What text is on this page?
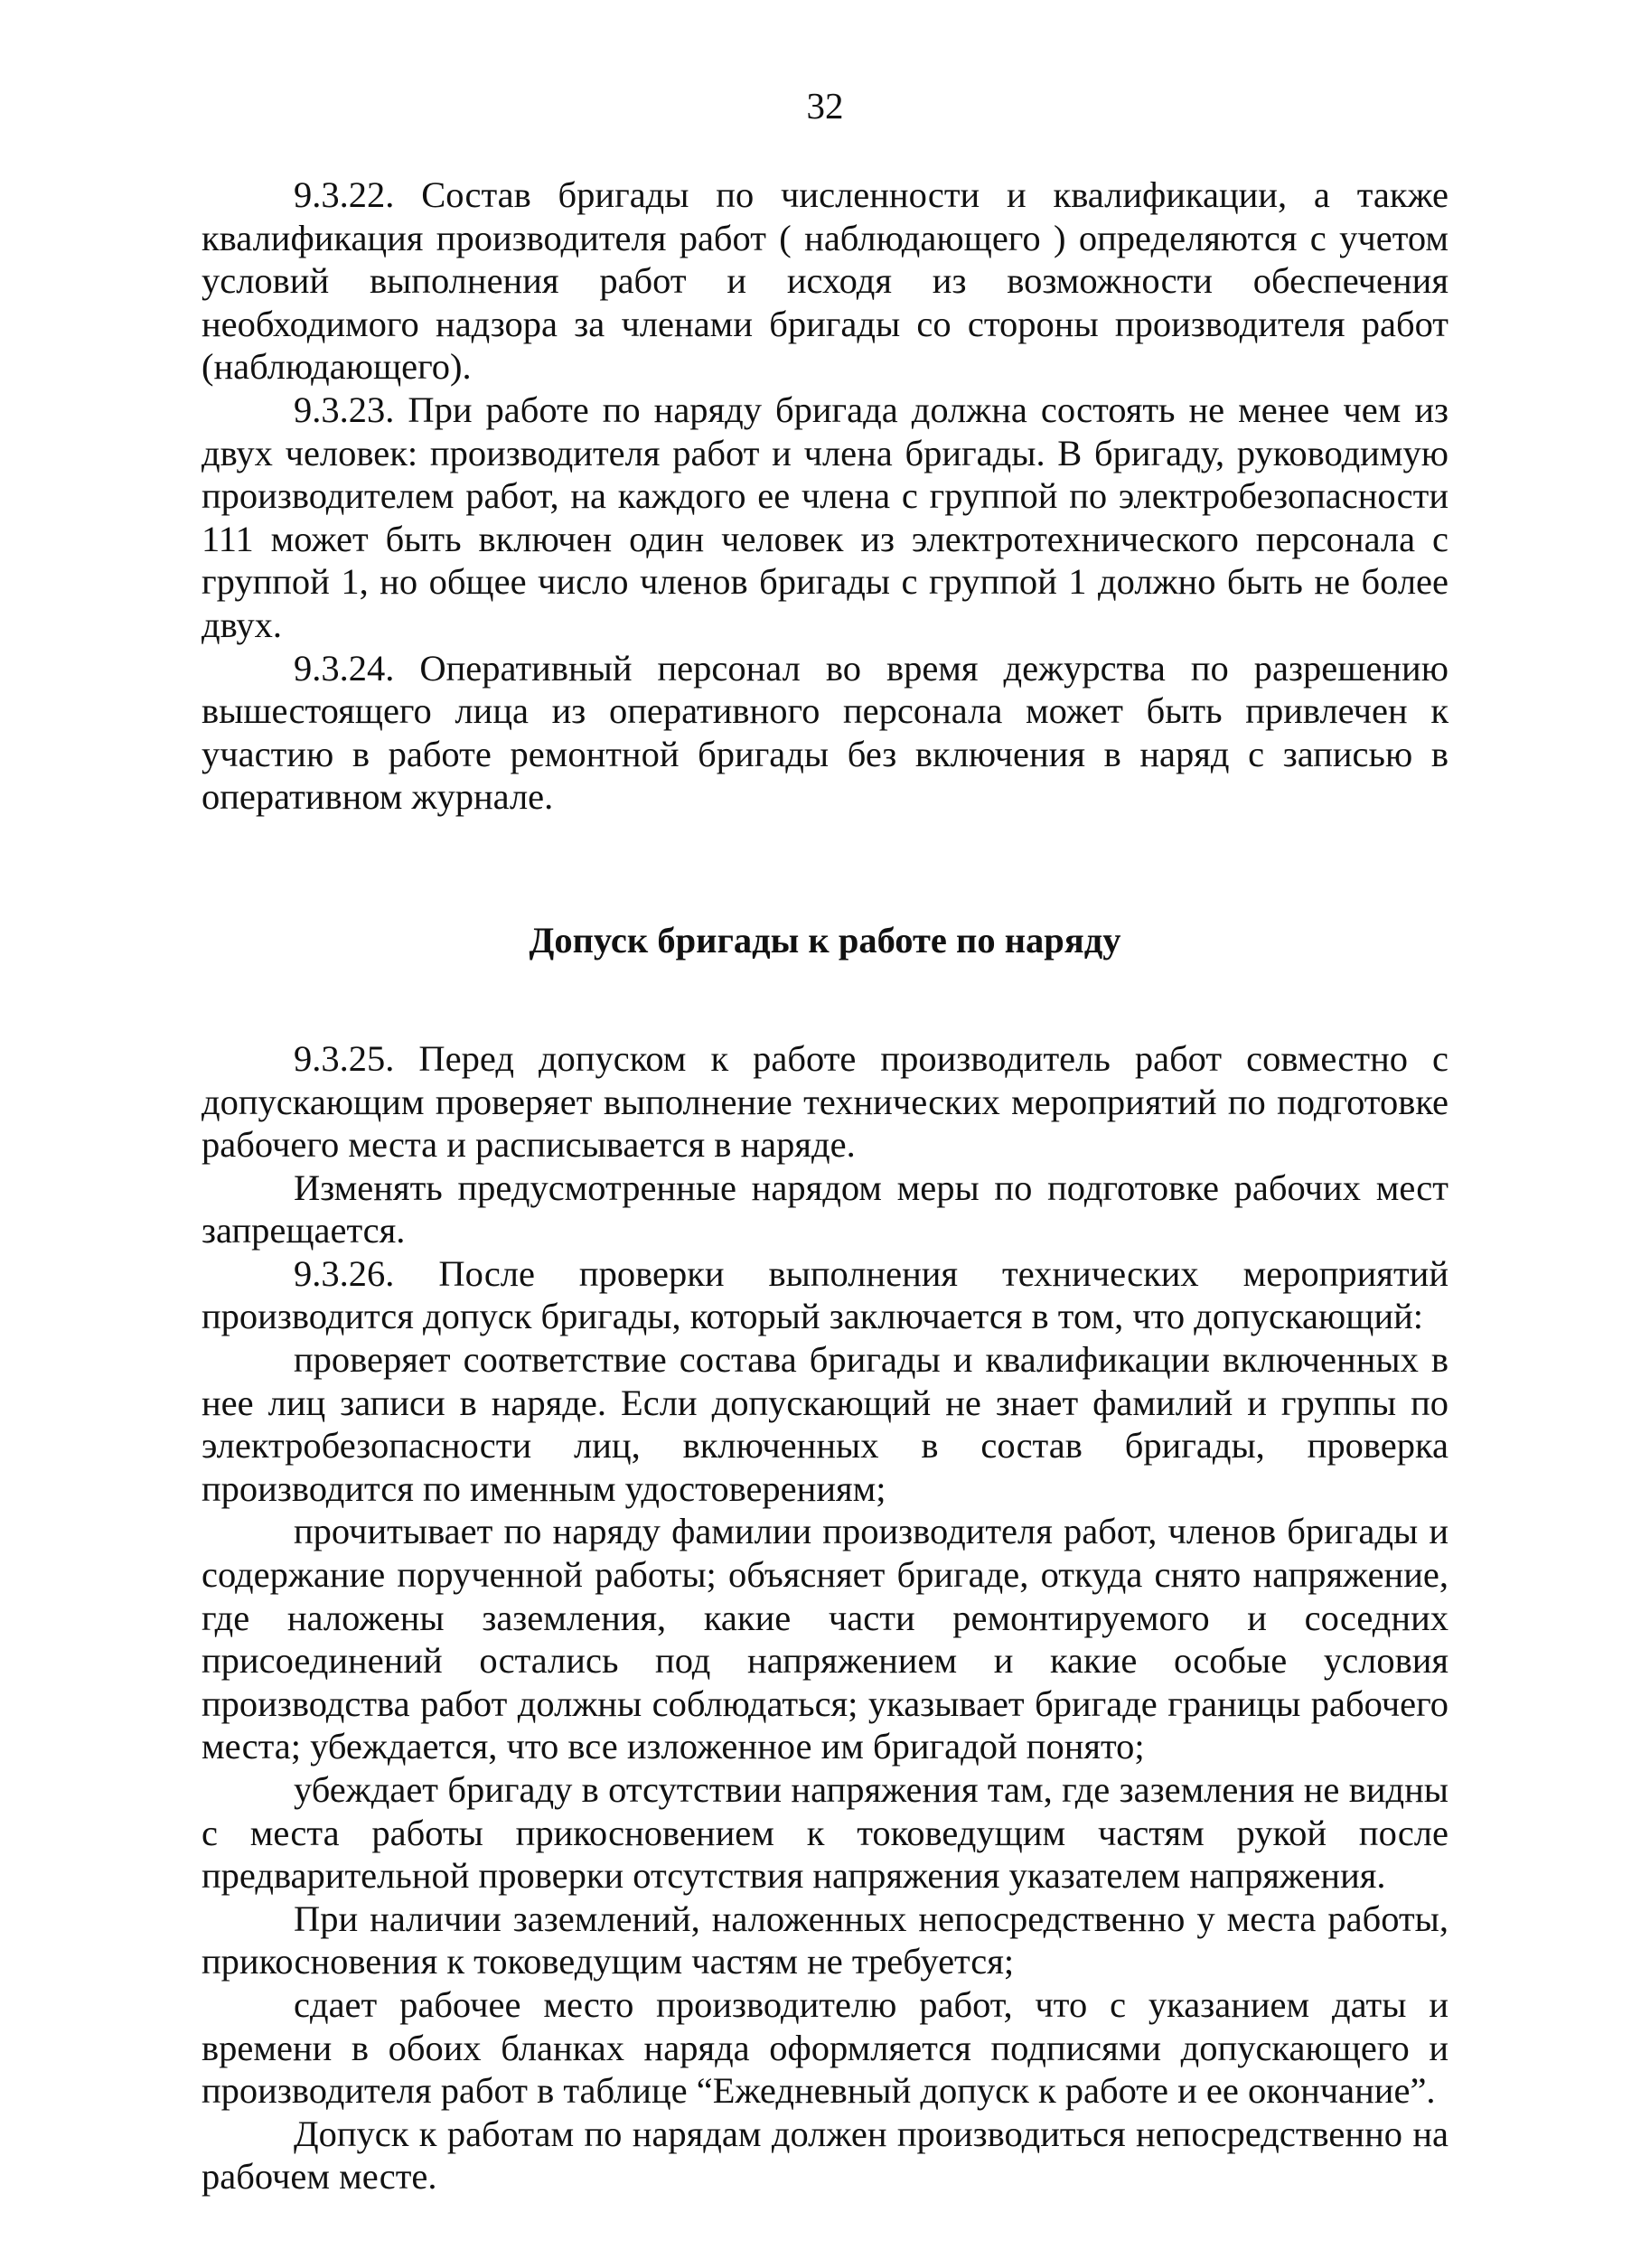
32

9.3.22. Состав бригады по численности и квалификации, а также квалификация производителя работ ( наблюдающего ) определяются с учетом условий выполнения работ и исходя из возможности обеспечения необходимого надзора за членами бригады со стороны производителя работ (наблюдающего).

9.3.23. При работе по наряду бригада должна состоять не менее чем из двух человек: производителя работ и члена бригады. В бригаду, руководимую производителем работ, на каждого ее члена с группой по электробезопасности 111 может быть включен один человек из электротехнического персонала с группой 1, но общее число членов бригады с группой 1 должно быть не более двух.

9.3.24. Оперативный персонал во время дежурства по разрешению вышестоящего лица из оперативного персонала может быть привлечен к участию в работе ремонтной бригады без включения в наряд с записью в оперативном журнале.

Допуск бригады к работе по наряду

9.3.25. Перед допуском к работе производитель работ совместно с допускающим проверяет выполнение технических мероприятий по подготовке рабочего места и расписывается в наряде.

Изменять предусмотренные нарядом меры по подготовке рабочих мест запрещается.

9.3.26. После проверки выполнения технических мероприятий производится допуск бригады, который заключается в том, что допускающий:

проверяет соответствие состава бригады и квалификации включенных в нее лиц записи в наряде. Если допускающий не знает фамилий и группы по электробезопасности лиц, включенных в состав бригады, проверка производится по именным удостоверениям;

прочитывает по наряду фамилии производителя работ, членов бригады и содержание порученной работы; объясняет бригаде, откуда снято напряжение, где наложены заземления, какие части ремонтируемого и соседних присоединений остались под напряжением и какие особые условия производства работ должны соблюдаться; указывает бригаде границы рабочего места; убеждается, что все изложенное им бригадой понято;

убеждает бригаду в отсутствии напряжения там, где заземления не видны с места работы прикосновением к токоведущим частям рукой после предварительной проверки отсутствия напряжения указателем напряжения.

При наличии заземлений, наложенных непосредственно у места работы, прикосновения к токоведущим частям не требуется;

сдает рабочее место производителю работ, что с указанием даты и времени в обоих бланках наряда оформляется подписями допускающего и производителя работ в таблице “Ежедневный допуск к работе и ее окончание”.

Допуск к работам по нарядам должен производиться непосредственно на рабочем месте.
